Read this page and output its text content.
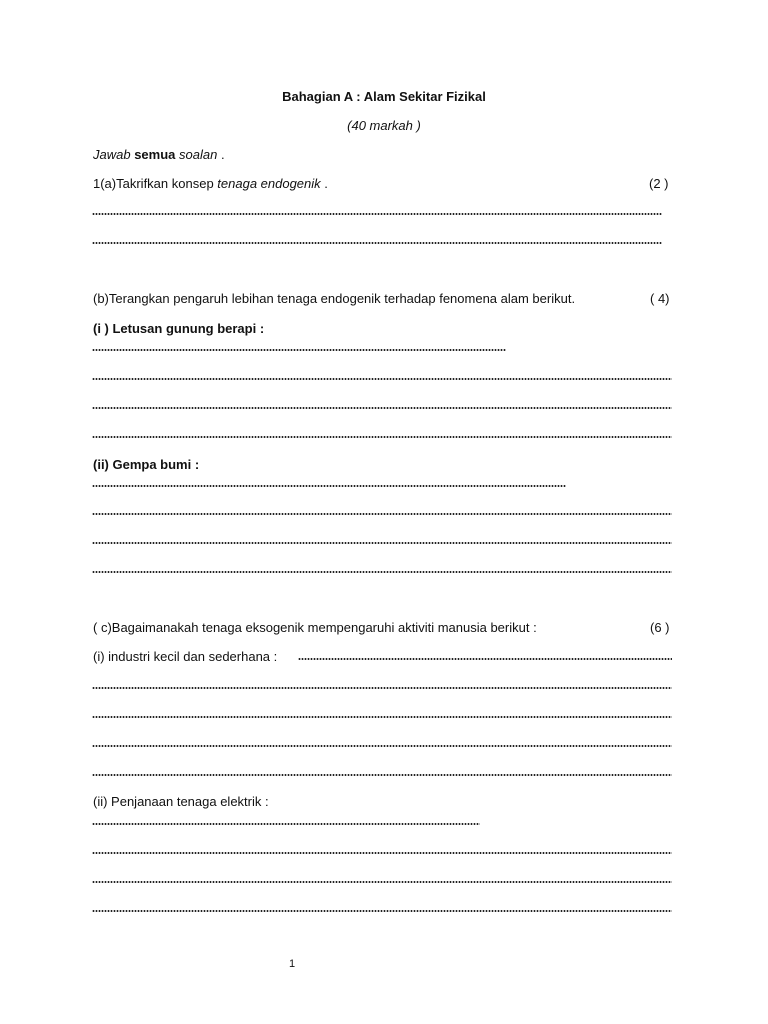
Bahagian A : Alam Sekitar Fizikal
(40 markah )
Jawab semua soalan .
1(a)Takrifkan konsep tenaga endogenik .	(2 )
(b)Terangkan pengaruh lebihan tenaga endogenik terhadap fenomena alam berikut.	( 4)
(i ) Letusan gunung berapi :
(ii) Gempa bumi :
( c)Bagaimanakah tenaga eksogenik mempengaruhi aktiviti manusia berikut :	(6 )
(i) industri kecil dan sederhana :
(ii) Penjanaan tenaga elektrik :
1
